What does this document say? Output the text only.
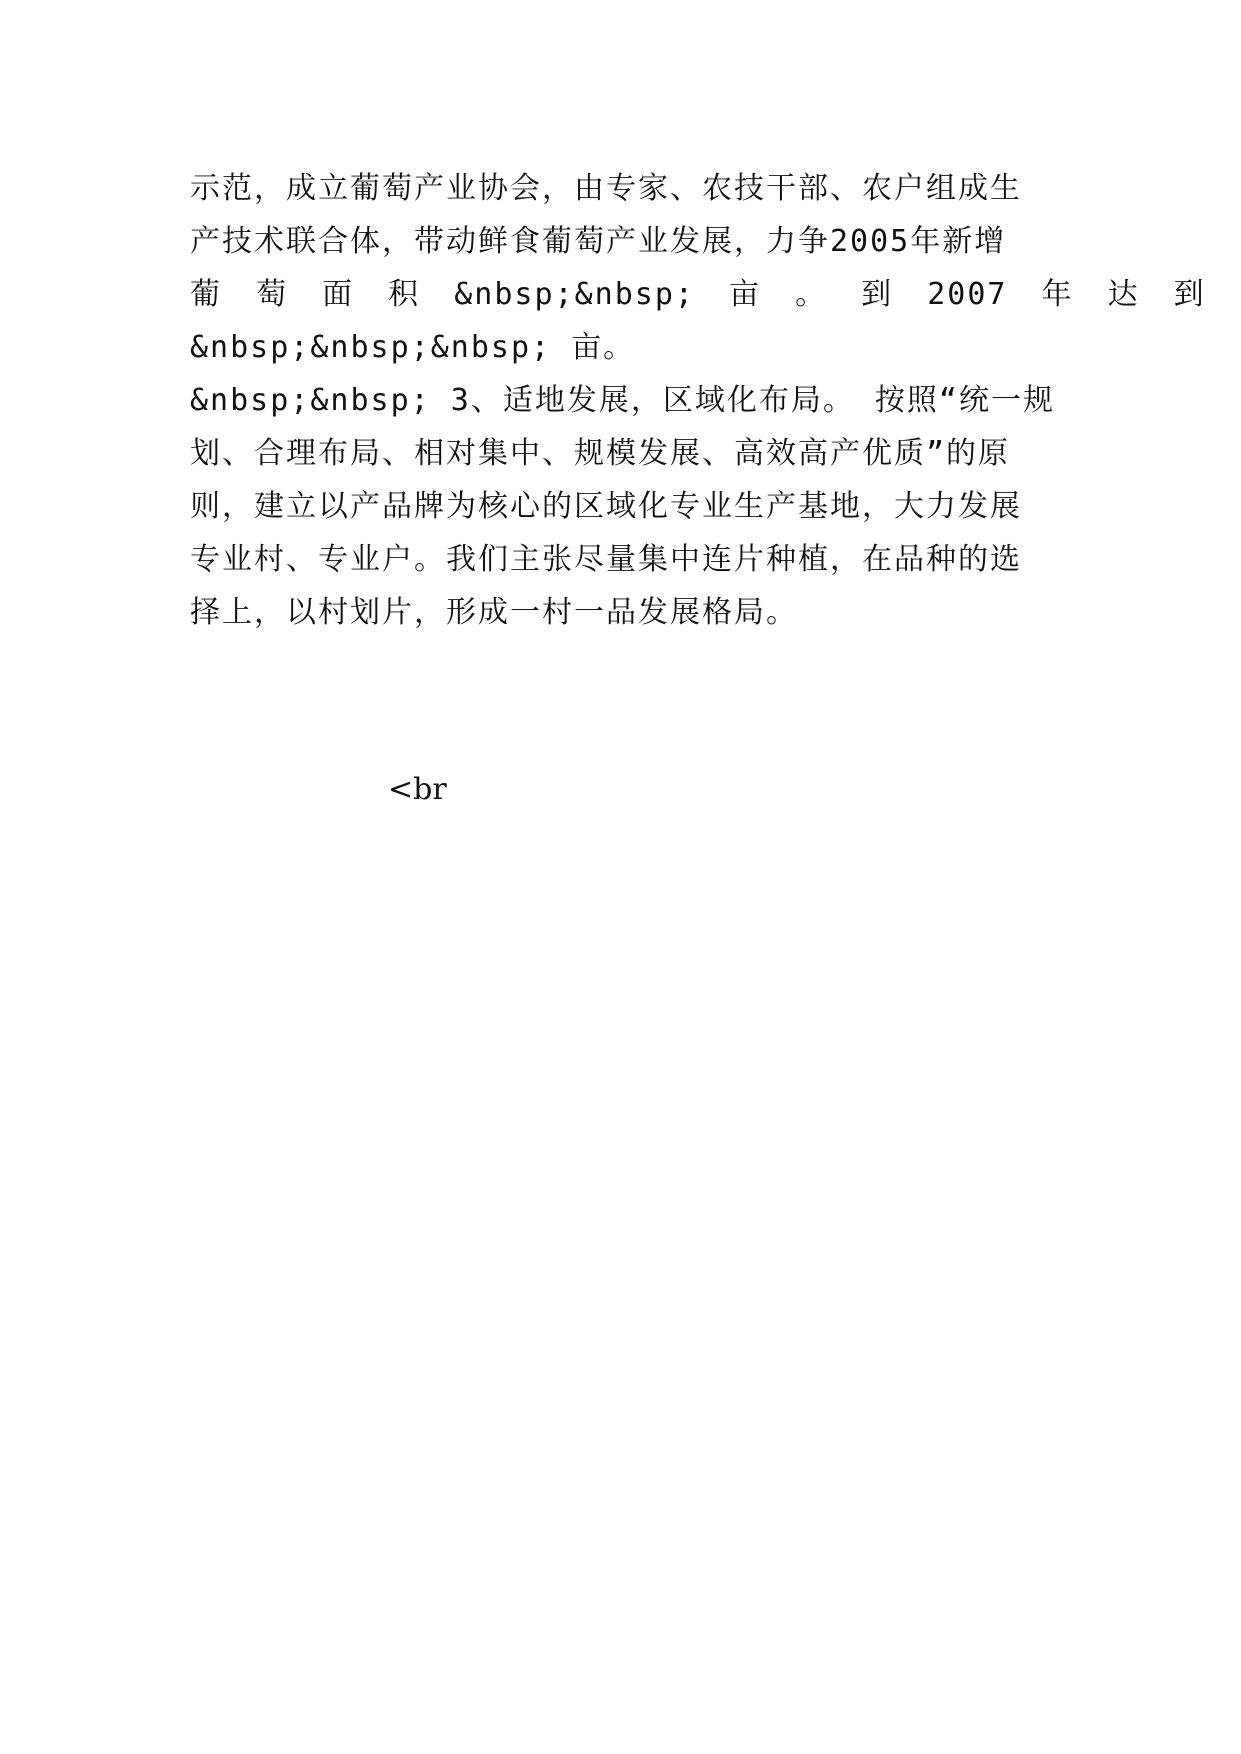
示范，成立葡萄产业协会，由专家、农技干部、农户组成生
产技术联合体，带动鲜食葡萄产业发展，力争2005年新增
葡 萄 面 积 &nbsp;&nbsp; 亩 。 到 2007 年 达 到
&nbsp;&nbsp;&nbsp; 亩。
&nbsp;&nbsp; 3、适地发展，区域化布局。 按照“统一规
划、合理布局、相对集中、规模发展、高效高产优质”的原
则，建立以产品牌为核心的区域化专业生产基地，大力发展
专业村、专业户。我们主张尽量集中连片种植，在品种的选
择上，以村划片，形成一村一品发展格局。
<br
